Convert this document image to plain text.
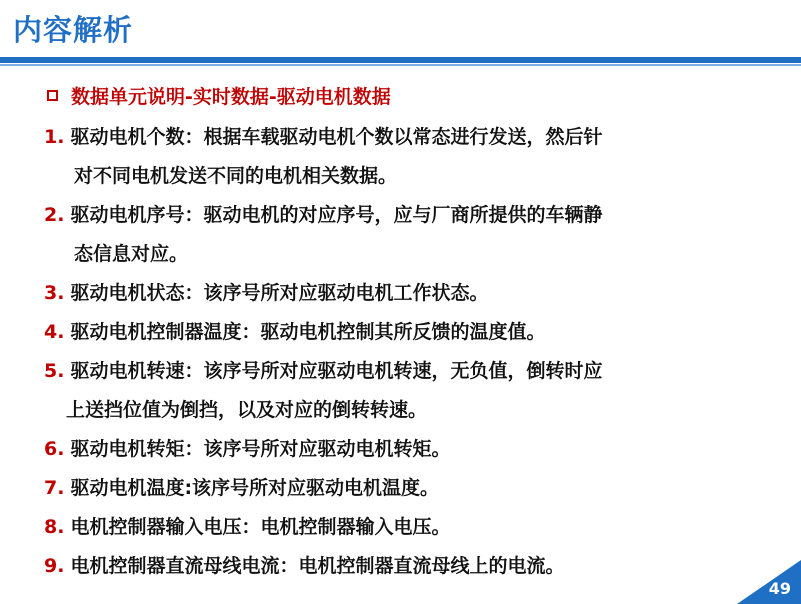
内容解析
数据单元说明-实时数据-驱动电机数据
1. 驱动电机个数：根据车载驱动电机个数以常态进行发送，然后针
对不同电机发送不同的电机相关数据。
2. 驱动电机序号：驱动电机的对应序号，应与厂商所提供的车辆静
态信息对应。
3. 驱动电机状态：该序号所对应驱动电机工作状态。
4. 驱动电机控制器温度：驱动电机控制其所反馈的温度值。
5. 驱动电机转速：该序号所对应驱动电机转速，无负值，倒转时应
上送挡位值为倒挡，以及对应的倒转转速。
6. 驱动电机转矩：该序号所对应驱动电机转矩。
7. 驱动电机温度:该序号所对应驱动电机温度。
8. 电机控制器输入电压：电机控制器输入电压。
9. 电机控制器直流母线电流：电机控制器直流母线上的电流。
49
